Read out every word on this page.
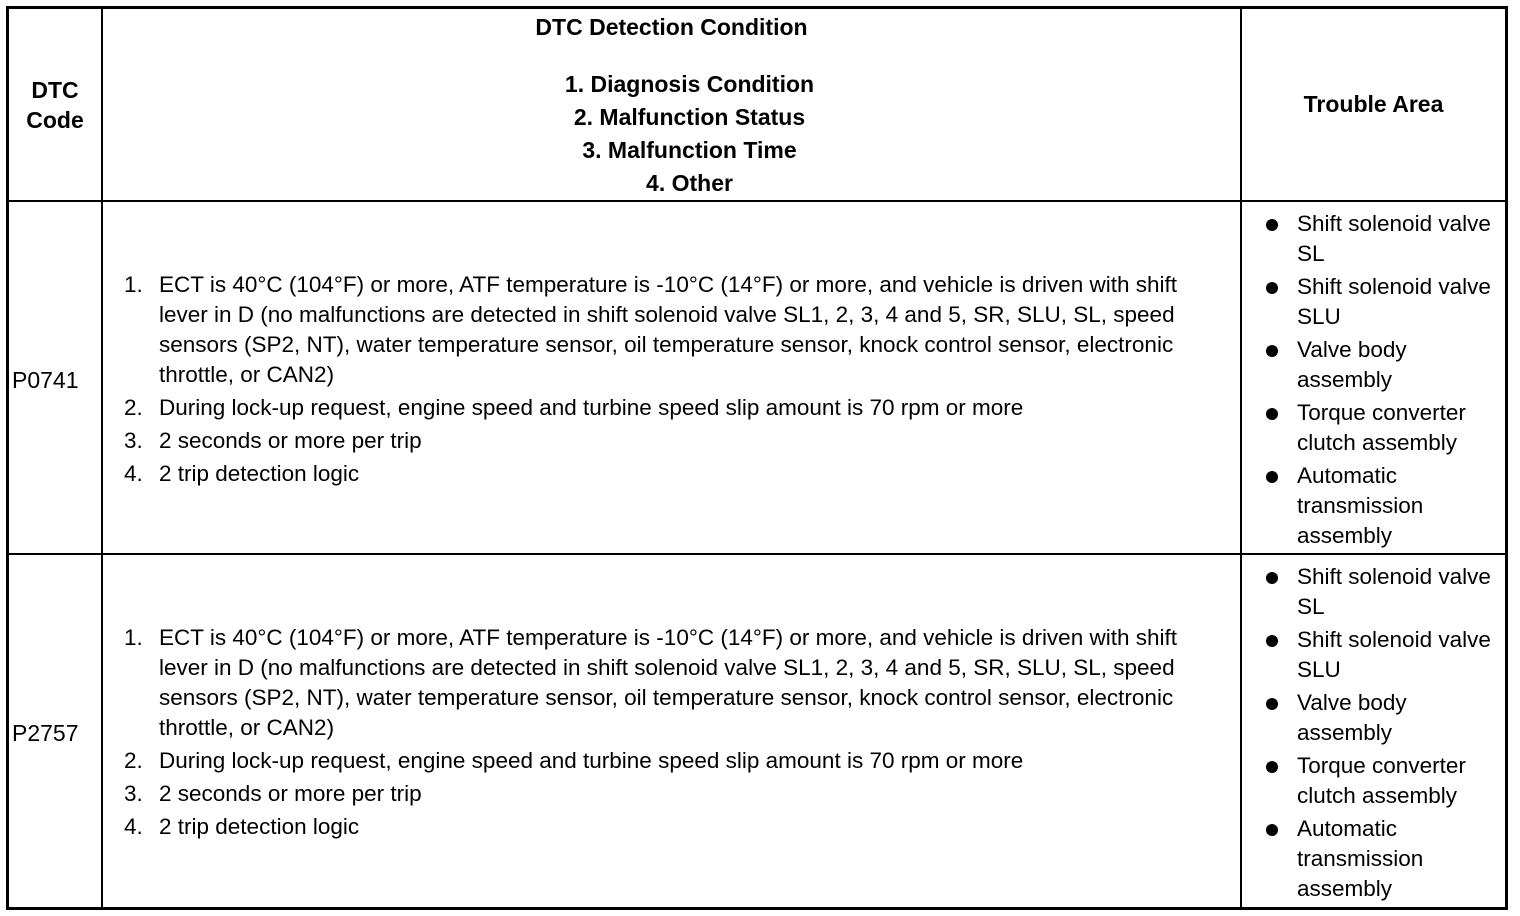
DTC
Code
DTC Detection Condition
1. Diagnosis Condition
2. Malfunction Status
3. Malfunction Time
4. Other
Trouble Area
P0741
1. ECT is 40°C (104°F) or more, ATF temperature is -10°C (14°F) or more, and vehicle is driven with shift lever in D (no malfunctions are detected in shift solenoid valve SL1, 2, 3, 4 and 5, SR, SLU, SL, speed sensors (SP2, NT), water temperature sensor, oil temperature sensor, knock control sensor, electronic throttle, or CAN2)
2. During lock-up request, engine speed and turbine speed slip amount is 70 rpm or more
3. 2 seconds or more per trip
4. 2 trip detection logic
Shift solenoid valve SL
Shift solenoid valve SLU
Valve body assembly
Torque converter clutch assembly
Automatic transmission assembly
P2757
1. ECT is 40°C (104°F) or more, ATF temperature is -10°C (14°F) or more, and vehicle is driven with shift lever in D (no malfunctions are detected in shift solenoid valve SL1, 2, 3, 4 and 5, SR, SLU, SL, speed sensors (SP2, NT), water temperature sensor, oil temperature sensor, knock control sensor, electronic throttle, or CAN2)
2. During lock-up request, engine speed and turbine speed slip amount is 70 rpm or more
3. 2 seconds or more per trip
4. 2 trip detection logic
Shift solenoid valve SL
Shift solenoid valve SLU
Valve body assembly
Torque converter clutch assembly
Automatic transmission assembly
